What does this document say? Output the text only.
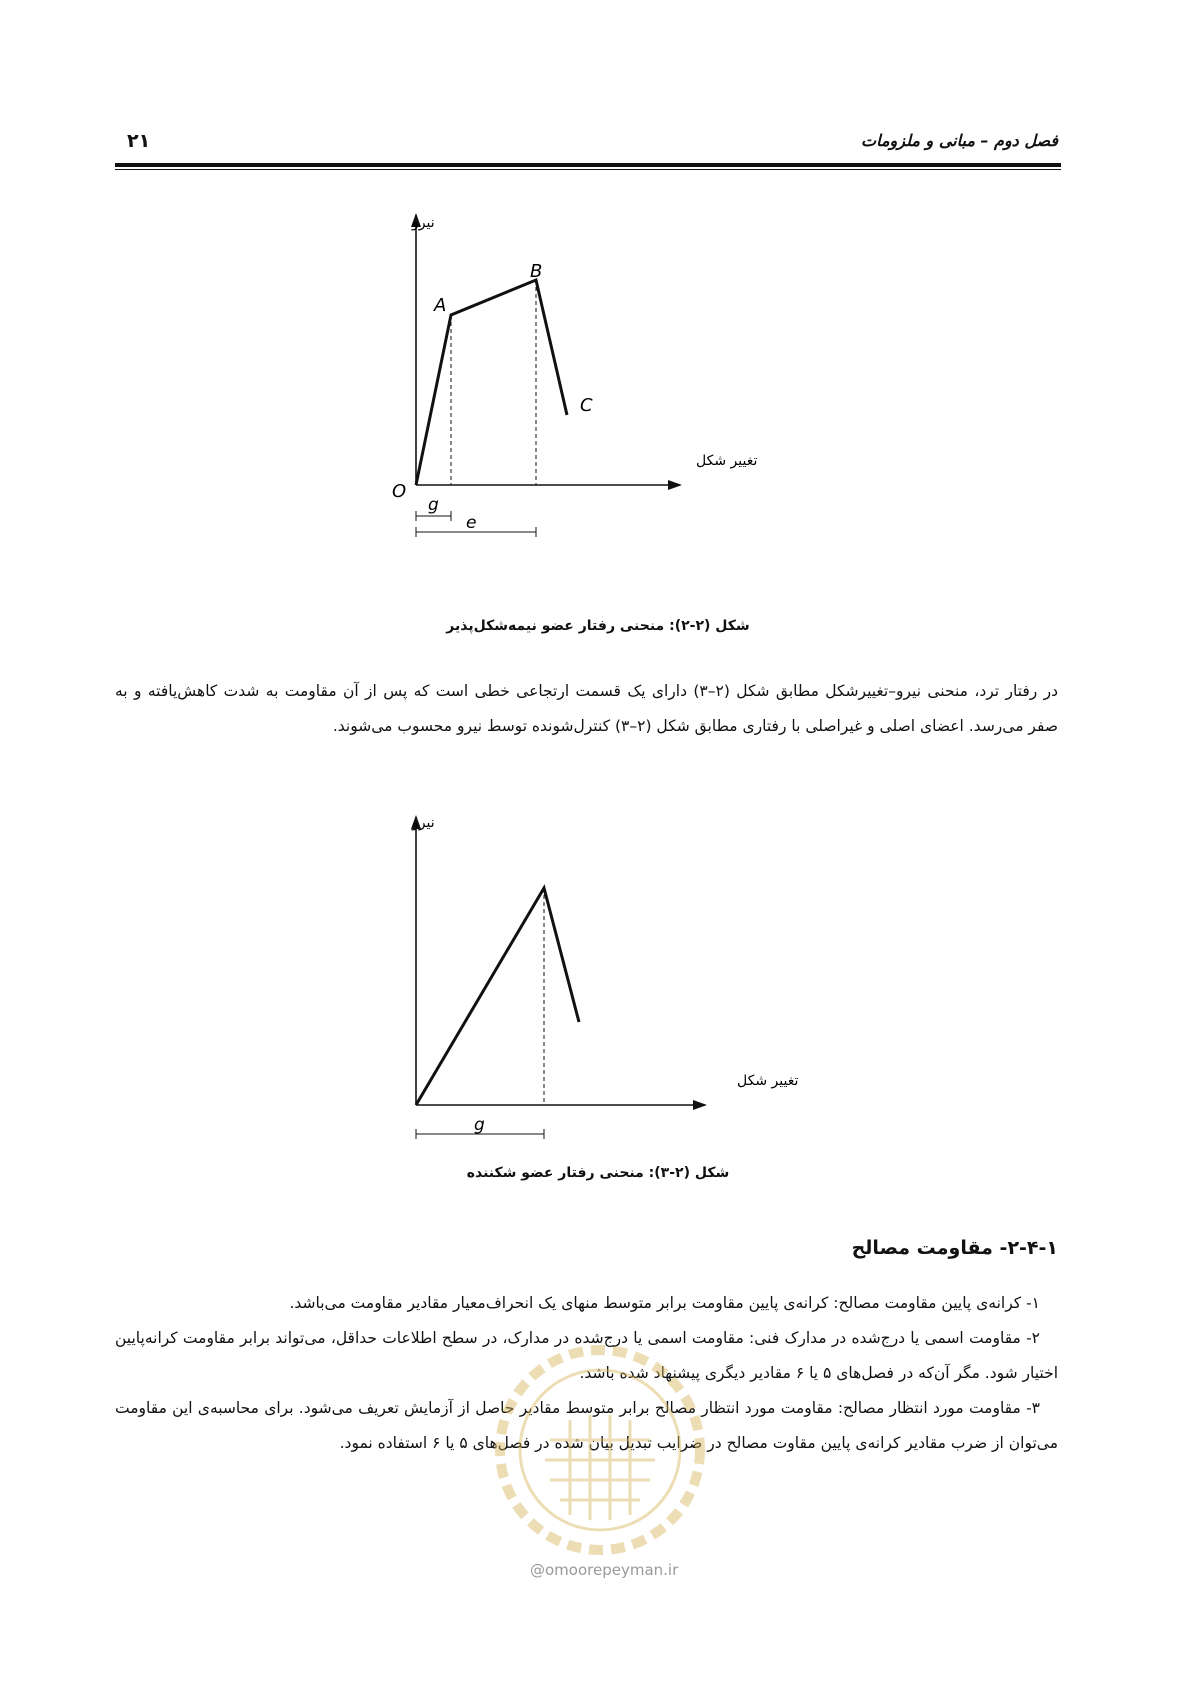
فصل دوم – مبانی و ملزومات
۲۱
نیرو
تغییر شکل
O
A
B
C
g
e
شکل (۲-۲): منحنی رفتار عضو نیمه‌شکل‌پذیر

در رفتار ترد، منحنی نیرو–تغییرشکل مطابق شکل (۲–۳) دارای یک قسمت ارتجاعی خطی است که پس از آن مقاومت به شدت کاهش‌یافته و به صفر می‌رسد. اعضای اصلی و غیراصلی با رفتاری مطابق شکل (۲–۳) کنترل‌شونده توسط نیرو محسوب می‌شوند.

نیرو
تغییر شکل
g
شکل (۲-۳): منحنی رفتار عضو شکننده
۲-۴-۱- مقاومت مصالح

۱- کرانه‌ی پایین مقاومت مصالح: کرانه‌ی پایین مقاومت برابر متوسط منهای یک انحراف‌معیار مقادیر مقاومت می‌باشد.

۲- مقاومت اسمی یا درج‌شده در مدارک فنی: مقاومت اسمی یا درج‌شده در مدارک، در سطح اطلاعات حداقل، می‌تواند برابر مقاومت کرانه‌پایین اختیار شود. مگر آن‌که در فصل‌های ۵ یا ۶ مقادیر دیگری پیشنهاد شده باشد.

۳- مقاومت مورد انتظار مصالح: مقاومت مورد انتظار مصالح برابر متوسط مقادیر حاصل از آزمایش تعریف می‌شود. برای محاسبه‌ی این مقاومت می‌توان از ضرب مقادیر کرانه‌ی پایین مقاوت مصالح در ضرایب تبدیل بیان شده در فصل‌های ۵ یا ۶ استفاده نمود.

@omoorepeyman.ir
